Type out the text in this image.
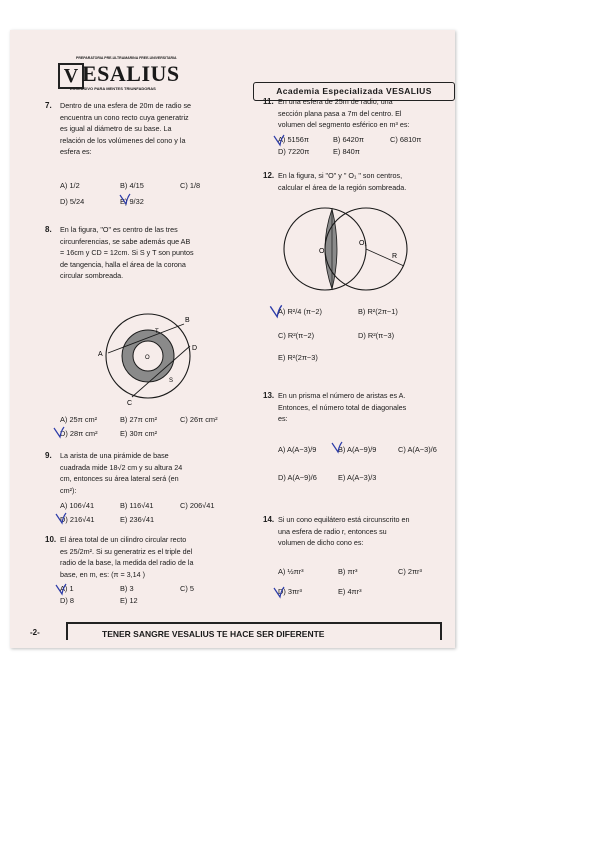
PREPARATORIA PRE-ULTRAMARINA FREE-UNIVERSITARIA
V ESALIUS
EXCLUSIVO PARA MENTES TRIUNFADORAS	Academia Especializada VESALIUS
7. Dentro de una esfera de 20m de radio se
encuentra un cono recto cuya generatriz
es igual al diámetro de su base. La
relación de los volúmenes del cono y la
esfera es:
A) 1/2	B) 4/15	C) 1/8
D) 5/24	E) 9/32
8. En la figura, "O" es centro de las tres
circunferencias, se sabe además que AB
= 16cm y CD = 12cm. Si S y T son puntos
de tangencia, halla el área de la corona
circular sombreada.
A
B
C
D
S
T
O
A) 25π cm²	B) 27π cm²	C) 26π cm²
D) 28π cm²	E) 30π cm²
9. La arista de una pirámide de base
cuadrada mide 18√2 cm y su altura 24
cm, entonces su área lateral será (en
cm²):
A) 106√41	B) 116√41	C) 206√41
D) 216√41	E) 236√41
10. El área total de un cilindro circular recto
es 25/2m². Si su generatriz es el triple del
radio de la base, la medida del radio de la
base, en m, es: (π = 3,14 )
A) 1	B) 3	C) 5
D) 8	E) 12
11. En una esfera de 25m de radio, una
sección plana pasa a 7m del centro. El
volumen del segmento esférico en m³ es:
A) 5156π	B) 6420π	C) 6810π
D) 7220π	E) 840π
12. En la figura, si "O" y " O₁ " son centros,
calcular el área de la región sombreada.
O
O₁
R
A) R²/4 (π−2)	B) R²(2π−1)
C) R²(π−2)	D) R²(π−3)
E) R²(2π−3)
13. En un prisma el número de aristas es A.
Entonces, el número total de diagonales
es:
A) A(A−3)/9	B) A(A−9)/9	C) A(A−3)/6
D) A(A−9)/6	E) A(A−3)/3
14. Si un cono equilátero está circunscrito en
una esfera de radio r, entonces su
volumen de dicho cono es:
A) ½πr³	B) πr³	C) 2πr³
D) 3πr³	E) 4πr³
-2-	TENER SANGRE VESALIUS TE HACE SER DIFERENTE
